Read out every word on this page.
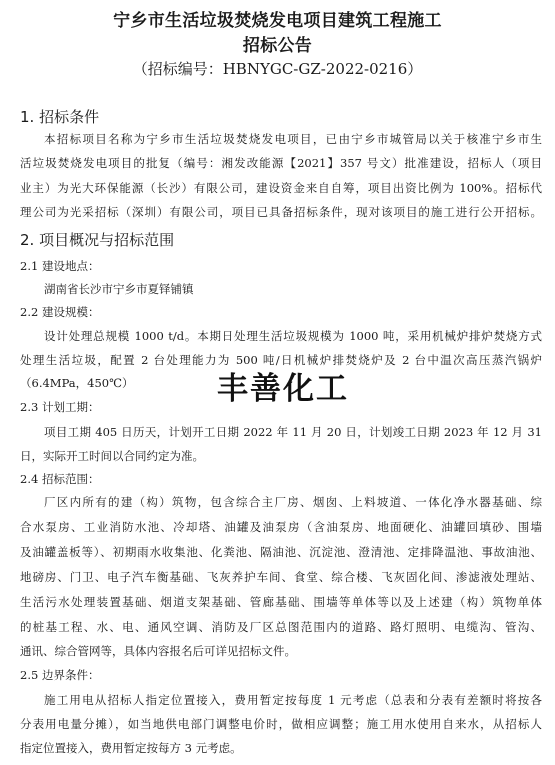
宁乡市生活垃圾焚烧发电项目建筑工程施工
招标公告
（招标编号：HBNYGC-GZ-2022-0216）
1. 招标条件
本招标项目名称为宁乡市生活垃圾焚烧发电项目，已由宁乡市城管局以关于核准宁乡市生
活垃圾焚烧发电项目的批复（编号：湘发改能源【2021】357 号文）批准建设，招标人（项目
业主）为光大环保能源（长沙）有限公司，建设资金来自自筹，项目出资比例为 100%。招标代
理公司为光采招标（深圳）有限公司，项目已具备招标条件，现对该项目的施工进行公开招标。
2. 项目概况与招标范围
2.1 建设地点：
湖南省长沙市宁乡市夏铎铺镇
2.2 建设规模：
设计处理总规模 1000 t/d。本期日处理生活垃圾规模为 1000 吨，采用机械炉排炉焚烧方式
处理生活垃圾，配置 2 台处理能力为 500 吨/日机械炉排焚烧炉及 2 台中温次高压蒸汽锅炉
（6.4MPa，450℃）
2.3 计划工期：
项目工期 405 日历天，计划开工日期 2022 年 11 月 20 日，计划竣工日期 2023 年 12 月 31
日，实际开工时间以合同约定为准。
2.4 招标范围：
厂区内所有的建（构）筑物，包含综合主厂房、烟囱、上料坡道、一体化净水器基础、综
合水泵房、工业消防水池、冷却塔、油罐及油泵房（含油泵房、地面硬化、油罐回填砂、围墙
及油罐盖板等）、初期雨水收集池、化粪池、隔油池、沉淀池、澄清池、定排降温池、事故油池、
地磅房、门卫、电子汽车衡基础、飞灰养护车间、食堂、综合楼、飞灰固化间、渗滤液处理站、
生活污水处理装置基础、烟道支架基础、管廊基础、围墙等单体等以及上述建（构）筑物单体
的桩基工程、水、电、通风空调、消防及厂区总图范围内的道路、路灯照明、电缆沟、管沟、
通讯、综合管网等，具体内容报名后可详见招标文件。
2.5 边界条件：
施工用电从招标人指定位置接入，费用暂定按每度 1 元考虑（总表和分表有差额时将按各
分表用电量分摊），如当地供电部门调整电价时，做相应调整；施工用水使用自来水，从招标人
指定位置接入，费用暂定按每方 3 元考虑。
丰善化工
